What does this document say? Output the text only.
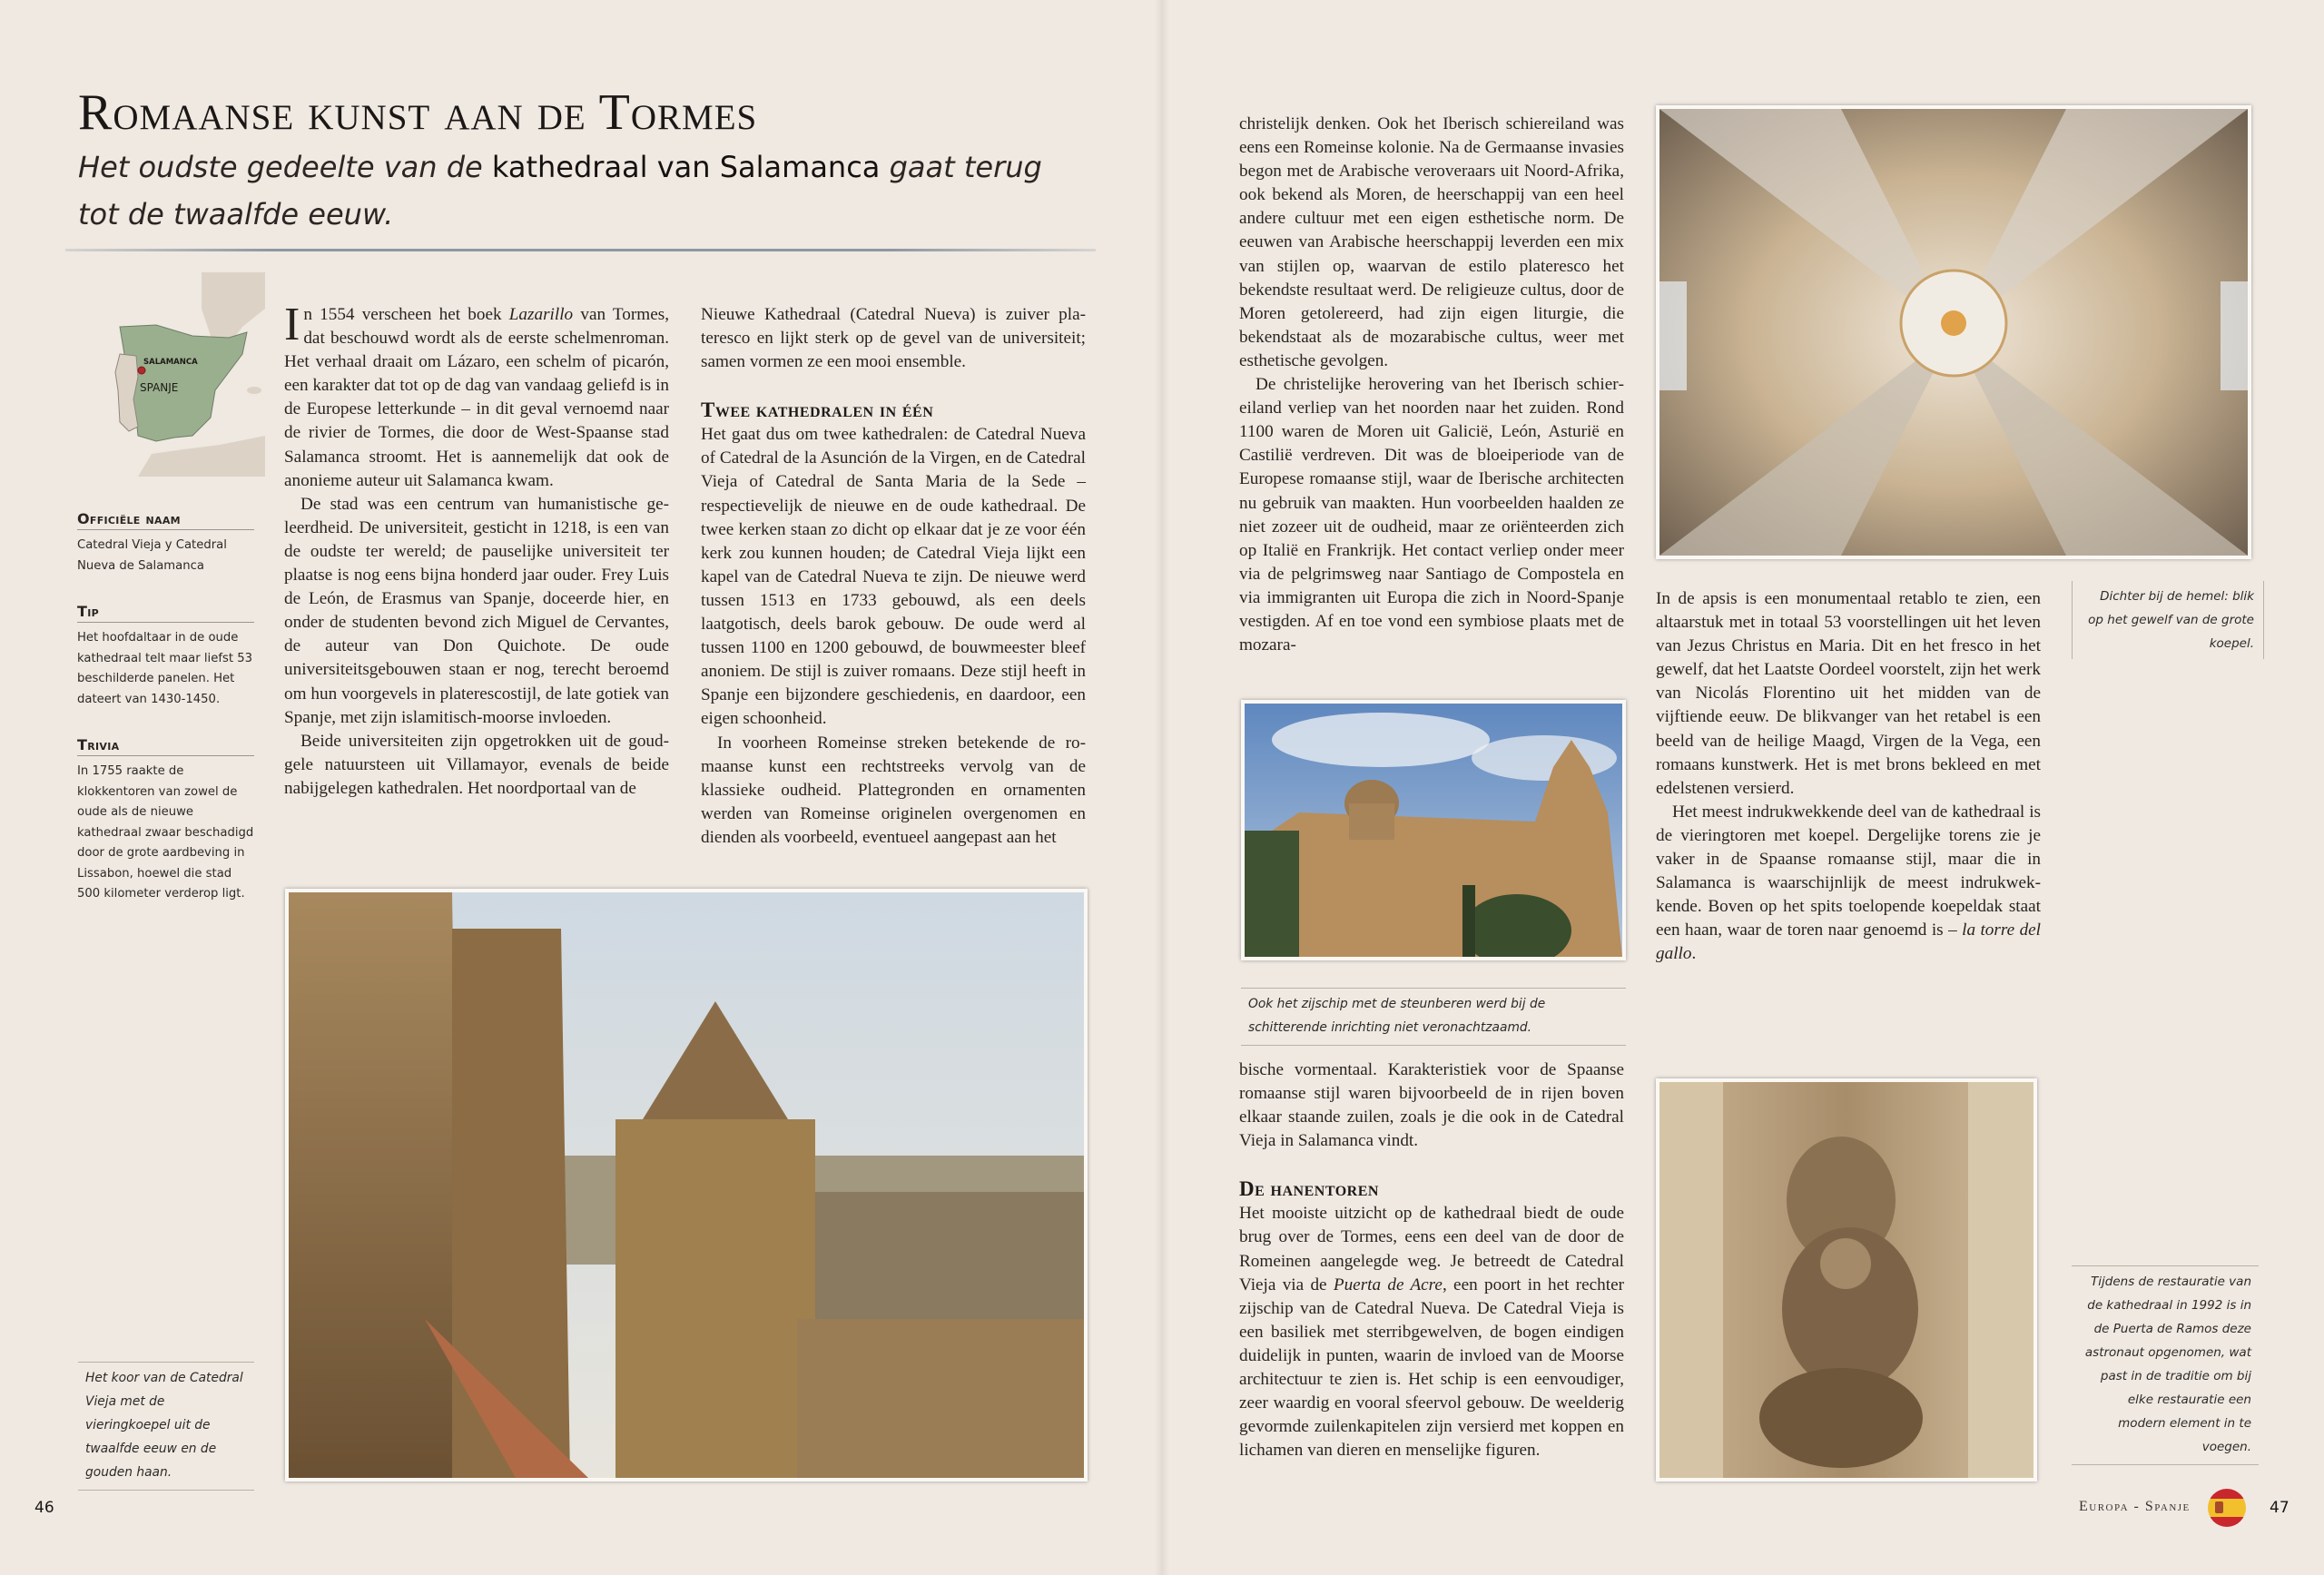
Romaanse kunst aan de Tormes
Het oudste gedeelte van de kathedraal van Salamanca gaat terug tot de twaalfde eeuw.
SALAMANCA
SPANJE
Officiële naam

Catedral Vieja y Catedral Nueva de Salamanca

Tip

Het hoofdaltaar in de oude kathedraal telt maar liefst 53 beschilderde panelen. Het dateert van 1430-1450.

Trivia

In 1755 raakte de klokkentoren van zowel de oude als de nieuwe kathedraal zwaar beschadigd door de grote aardbeving in Lissabon, hoewel die stad 500 kilometer verderop ligt.

In 1554 verscheen het boek Lazarillo van Tormes, dat beschouwd wordt als de eerste schelmenroman. Het verhaal draait om Lázaro, een schelm of picarón, een karakter dat tot op de dag van vandaag geliefd is in de Europese letterkunde – in dit geval vernoemd naar de rivier de Tormes, die door de West-Spaanse stad Salamanca stroomt. Het is aannemelijk dat ook de anonieme auteur uit Salamanca kwam.

De stad was een centrum van humanistische geleerdheid. De universiteit, gesticht in 1218, is een van de oudste ter wereld; de pauselijke universiteit ter plaatse is nog eens bijna honderd jaar ouder. Frey Luis de León, de Erasmus van Spanje, doceerde hier, en onder de studenten bevond zich Miguel de Cervantes, de auteur van Don Quichote. De oude universiteitsgebouwen staan er nog, terecht beroemd om hun voorgevels in platerescostijl, de late gotiek van Spanje, met zijn islamitisch-moorse invloeden.

Beide universiteiten zijn opgetrokken uit de goudgele natuursteen uit Villamayor, evenals de beide nabijgelegen kathedralen. Het noordportaal van de

Nieuwe Kathedraal (Catedral Nueva) is zuiver plateresco en lijkt sterk op de gevel van de universiteit; samen vormen ze een mooi ensemble.

Twee kathedralen in één

Het gaat dus om twee kathedralen: de Catedral Nueva of Catedral de la Asunción de la Virgen, en de Catedral Vieja of Catedral de Santa Maria de la Sede – respectievelijk de nieuwe en de oude kathedraal. De twee kerken staan zo dicht op elkaar dat je ze voor één kerk zou kunnen houden; de Catedral Vieja lijkt een kapel van de Catedral Nueva te zijn. De nieuwe werd tussen 1513 en 1733 gebouwd, als een deels laatgotisch, deels barok gebouw. De oude werd al tussen 1100 en 1200 gebouwd, de bouwmeester bleef anoniem. De stijl is zuiver romaans. Deze stijl heeft in Spanje een bijzondere geschiedenis, en daardoor, een eigen schoonheid.

In voorheen Romeinse streken betekende de romaanse kunst een rechtstreeks vervolg van de klassieke oudheid. Plattegronden en ornamenten werden van Romeinse originelen overgenomen en dienden als voorbeeld, eventueel aangepast aan het

Het koor van de Catedral Vieja met de vieringkoepel uit de twaalfde eeuw en de gouden haan.
46

christelijk denken. Ook het Iberisch schiereiland was eens een Romeinse kolonie. Na de Germaanse invasies begon met de Arabische veroveraars uit Noord-Afrika, ook bekend als Moren, de heerschappij van een heel andere cultuur met een eigen esthetische norm. De eeuwen van Arabische heerschappij leverden een mix van stijlen op, waarvan de estilo plateresco het bekendste resultaat werd. De religieuze cultus, door de Moren getolereerd, had zijn eigen liturgie, die bekendstaat als de mozarabische cultus, weer met esthetische gevolgen.

De christelijke herovering van het Iberisch schiereiland verliep van het noorden naar het zuiden. Rond 1100 waren de Moren uit Galicië, León, Asturië en Castilië verdreven. Dit was de bloeiperiode van de Europese romaanse stijl, waar de Iberische architecten nu gebruik van maakten. Hun voorbeelden haalden ze niet zozeer uit de oudheid, maar ze oriënteerden zich op Italië en Frankrijk. Het contact verliep onder meer via de pelgrimsweg naar Santiago de Compostela en via immigranten uit Europa die zich in Noord-Spanje vestigden. Af en toe vond een symbiose plaats met de mozara-

Ook het zijschip met de steunberen werd bij de schitterende inrichting niet veronachtzaamd.

bische vormentaal. Karakteristiek voor de Spaanse romaanse stijl waren bijvoorbeeld de in rijen boven elkaar staande zuilen, zoals je die ook in de Catedral Vieja in Salamanca vindt.

De hanentoren

Het mooiste uitzicht op de kathedraal biedt de oude brug over de Tormes, eens een deel van de door de Romeinen aangelegde weg. Je betreedt de Catedral Vieja via de Puerta de Acre, een poort in het rechter zijschip van de Catedral Nueva. De Catedral Vieja is een basiliek met sterribgewelven, de bogen eindigen duidelijk in punten, waarin de invloed van de Moorse architectuur te zien is. Het schip is een eenvoudiger, zeer waardig en vooral sfeervol gebouw. De weelderig gevormde zuilenkapitelen zijn versierd met koppen en lichamen van dieren en menselijke figuren.

In de apsis is een monumentaal retablo te zien, een altaarstuk met in totaal 53 voorstellingen uit het leven van Jezus Christus en Maria. Dit en het fresco in het gewelf, dat het Laatste Oordeel voorstelt, zijn het werk van Nicolás Florentino uit het midden van de vijftiende eeuw. De blikvanger van het retabel is een beeld van de heilige Maagd, Virgen de la Vega, een romaans kunstwerk. Het is met brons bekleed en met edelstenen versierd.

Het meest indrukwekkende deel van de kathedraal is de vieringtoren met koepel. Dergelijke torens zie je vaker in de Spaanse romaanse stijl, maar die in Salamanca is waarschijnlijk de meest indrukwekkende. Boven op het spits toelopende koepeldak staat een haan, waar de toren naar genoemd is – la torre del gallo.

Dichter bij de hemel: blik op het gewelf van de grote koepel.
Tijdens de restauratie van de kathedraal in 1992 is in de Puerta de Ramos deze astronaut opgenomen, wat past in de traditie om bij elke restauratie een modern element in te voegen.
Europa - Spanje	47
